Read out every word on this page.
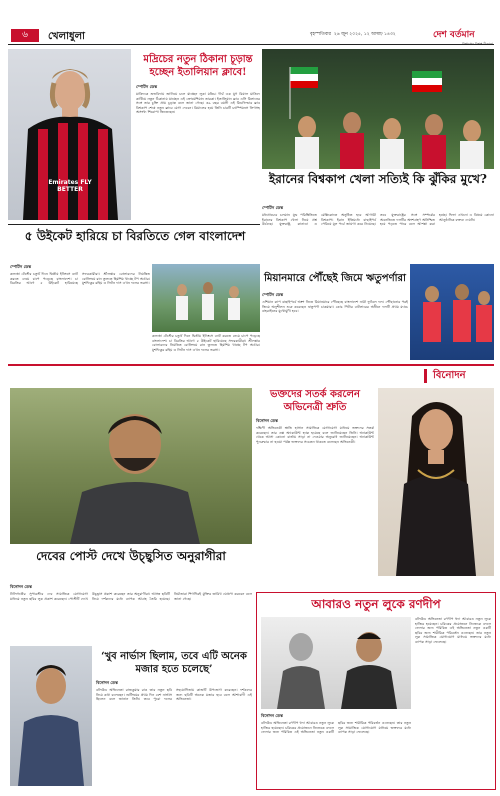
৬	খেলাধুলা	বৃহস্পতিবার ২৬ জুন ২০২৫, ১২ আষাঢ় ১৪৩২	দেশ বর্তমান
Emirates FLY BETTER
মদ্রিচের নতুন ঠিকানা চূড়ান্ত হচ্ছেন ইতালিয়ান ক্লাবে!
স্পোর্টস ডেস্ক
মাদ্রিদকে শুভবিদায় জানিয়ে চলে যাচ্ছেন লুকা মদ্রিচ। দীর্ঘ এক যুগ রিয়াল মাদ্রিদে কাটিয়ে নতুন ঠিকানায় যাচ্ছেন এই ক্রোয়েশিয়ান তারকা। ইতালিয়ান ক্লাব এসি মিলানের সঙ্গে তার চুক্তি প্রায় চূড়ান্ত বলে জানা গেছে। ৩৯ বছর বয়সী এই মিডফিল্ডার ক্লাব বিশ্বকাপ শেষে নতুন ক্লাবে যোগ দেবেন। রিয়ালের হয়ে তিনি চারটি চ্যাম্পিয়নস লিগসহ অসংখ্য শিরোপা জিতেছেন।
ইরানের বিশ্বকাপ খেলা সত্যিই কি ঝুঁকির মুখে?
স্পোর্টস ডেস্ক
মধ্যপ্রাচ্যের চলমান যুদ্ধ পরিস্থিতিতে ইরানের বিশ্বকাপ খেলা নিয়ে প্রশ্ন উঠেছে। যুক্তরাষ্ট্র, কানাডা ও মেক্সিকোতে অনুষ্ঠিত হবে আগামী বিশ্বকাপ। ইরান ইতিমধ্যে বাছাইপর্ব পেরিয়ে মূল পর্বে জায়গা করে নিয়েছে। তবে যুক্তরাষ্ট্রের সঙ্গে সম্পর্কের অবনতিতে দলটির অংশগ্রহণ অনিশ্চিত হয়ে পড়তে পারে বলে আশঙ্কা করা হচ্ছে। ফিফা এখনো এ বিষয়ে কোনো আনুষ্ঠানিক বক্তব্য দেয়নি।
৫ উইকেট হারিয়ে চা বিরতিতে গেল বাংলাদেশ
স্পোর্টস ডেস্ক
কলম্বো টেস্টের চতুর্থ দিনে দ্বিতীয় ইনিংসে ব্যাট করতে নেমে চাপে পড়েছে বাংলাদেশ। চা বিরতির আগে ৫ উইকেট হারিয়েছে সফরকারীরা। শ্রীলঙ্কার বোলারদের নিয়ন্ত্রিত বোলিংয়ে রান তুলতে হিমশিম খাচ্ছে টপ অর্ডার। মুশফিকুর রহিম ও লিটন দাস এখন দলের ভরসা।
কলম্বো টেস্টের চতুর্থ দিনে দ্বিতীয় ইনিংসে ব্যাট করতে নেমে চাপে পড়েছে বাংলাদেশ। চা বিরতির আগে ৫ উইকেট হারিয়েছে সফরকারীরা। শ্রীলঙ্কার বোলারদের নিয়ন্ত্রিত বোলিংয়ে রান তুলতে হিমশিম খাচ্ছে টপ অর্ডার। মুশফিকুর রহিম ও লিটন দাস এখন দলের ভরসা।
মিয়ানমারে পৌঁছেই জিমে ঋতুপর্ণারা
স্পোর্টস ডেস্ক
এশিয়ান কাপ বাছাইপর্বে অংশ নিতে মিয়ানমারে পৌঁছেছে বাংলাদেশ নারী ফুটবল দল। পৌঁছানোর পরই জিমে অনুশীলন শুরু করেছেন ঋতুপর্ণা চাকমারা। কোচ পিটার বাটলারের অধীনে দলটি প্রথম ম্যাচে বাহরাইনের মুখোমুখি হবে।
বিনোদন
ভক্তদের সতর্ক করলেন অভিনেত্রী শ্রুতি
বিনোদন ডেস্ক
দক্ষিণী অভিনেত্রী শ্রুতি হাসান সামাজিক যোগাযোগ মাধ্যমে ভক্তদের সতর্ক করেছেন। তার এক্স অ্যাকাউন্ট হ্যাক হয়েছে বলে জানিয়েছেন তিনি। অ্যাকাউন্ট থেকে আসা কোনো বার্তায় সাড়া না দেওয়ার অনুরোধ জানিয়েছেন। অ্যাকাউন্ট পুনরুদ্ধার না হওয়া পর্যন্ত ভক্তদের সচেতন থাকতে বলেছেন অভিনেত্রী।
দেবের পোস্ট দেখে উচ্ছ্বসিত অনুরাগীরা
বিনোদন ডেস্ক
টালিগঞ্জের সুপারস্টার দেব সামাজিক যোগাযোগ মাধ্যমে নতুন ছবির লুক প্রকাশ করেছেন। পোস্টটি দেখে উচ্ছ্বাস প্রকাশ করেছেন তার অনুরাগীরা। আসন্ন ছবিটি নিয়ে দর্শকদের মধ্যে ব্যাপক আগ্রহ তৈরি হয়েছে। নির্মাতারা শিগগিরই মুক্তির তারিখ ঘোষণা করবেন বলে জানা গেছে।
‘খুব নার্ভাস ছিলাম, তবে এটি অনেক মজার হতে চলেছে’
বিনোদন ডেস্ক
বলিউড অভিনেতা রাজকুমার রাও তার নতুন ছবি নিয়ে কথা বলেছেন। শুটিংয়ের প্রথম দিন বেশ নার্ভাস ছিলেন বলে জানান তিনি। তবে পুরো দলের সহযোগিতায় কাজটি উপভোগ করেছেন। দর্শকদের জন্য ছবিটি অনেক মজার হবে বলে আশাবাদী এই অভিনেতা।
আবারও নতুন লুকে রণদীপ
বিনোদন ডেস্ক
বলিউড অভিনেতা রণদীপ হুদা আবারও নতুন লুকে হাজির হয়েছেন। চরিত্রের প্রয়োজনে নিজেকে বদলে ফেলার জন্য পরিচিত এই অভিনেতা নতুন একটি ছবির জন্য শারীরিক পরিবর্তন এনেছেন। তার নতুন লুক সামাজিক যোগাযোগ মাধ্যমে ভক্তদের মধ্যে ব্যাপক সাড়া ফেলেছে।
বলিউড অভিনেতা রণদীপ হুদা আবারও নতুন লুকে হাজির হয়েছেন। চরিত্রের প্রয়োজনে নিজেকে বদলে ফেলার জন্য পরিচিত এই অভিনেতা নতুন একটি ছবির জন্য শারীরিক পরিবর্তন এনেছেন। তার নতুন লুক সামাজিক যোগাযোগ মাধ্যমে ভক্তদের মধ্যে ব্যাপক সাড়া ফেলেছে।
